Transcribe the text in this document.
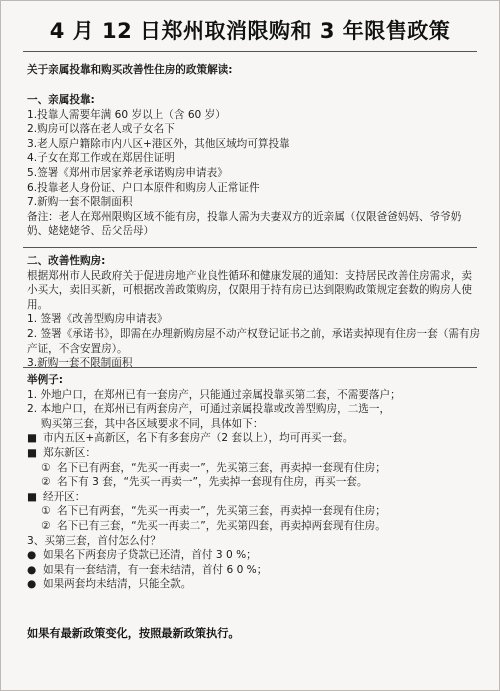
4 月 12 日郑州取消限购和 3 年限售政策
关于亲属投靠和购买改善性住房的政策解读:
一、亲属投靠:
1.投靠人需要年满 60 岁以上（含 60 岁）
2.购房可以落在老人或子女名下
3.老人原户籍除市内八区+港区外，其他区域均可算投靠
4.子女在郑工作或在郑居住证明
5.签署《郑州市居家养老承诺购房申请表》
6.投靠老人身份证、户口本原件和购房人正常证件
7.新购一套不限制面积
备注：老人在郑州限购区域不能有房，投靠人需为夫妻双方的近亲属（仅限爸爸妈妈、爷爷奶奶、姥姥姥爷、岳父岳母）
二、改善性购房:
根据郑州市人民政府关于促进房地产业良性循环和健康发展的通知：支持居民改善住房需求，卖小买大，卖旧买新，可根据改善政策购房，仅限用于持有房已达到限购政策规定套数的购房人使用。
1. 签署《改善型购房申请表》
2. 签署《承诺书》，即需在办理新购房屋不动产权登记证书之前，承诺卖掉现有住房一套（需有房产证，不含安置房）。
3.新购一套不限制面积
举例子:
1. 外地户口，在郑州已有一套房产，只能通过亲属投靠买第二套，不需要落户；
2. 本地户口，在郑州已有两套房产，可通过亲属投靠或改善型购房，二选一，
购买第三套，其中各区域要求不同，具体如下：
■ 市内五区+高新区，名下有多套房产（2 套以上），均可再买一套。
■ 郑东新区：
① 名下已有两套，“先买一再卖一”，先买第三套，再卖掉一套现有住房；
② 名下有 3 套，“先买一再卖一”，先卖掉一套现有住房，再买一套。
■ 经开区：
① 名下已有两套，“先买一再卖一”，先买第三套，再卖掉一套现有住房；
② 名下已有三套，“先买一再卖二”，先买第四套，再卖掉两套现有住房。
3、买第三套，首付怎么付？
● 如果名下两套房子贷款已还清，首付 3 0 %；
● 如果有一套结清，有一套未结清，首付 6 0 %；
● 如果两套均未结清，只能全款。
如果有最新政策变化，按照最新政策执行。
